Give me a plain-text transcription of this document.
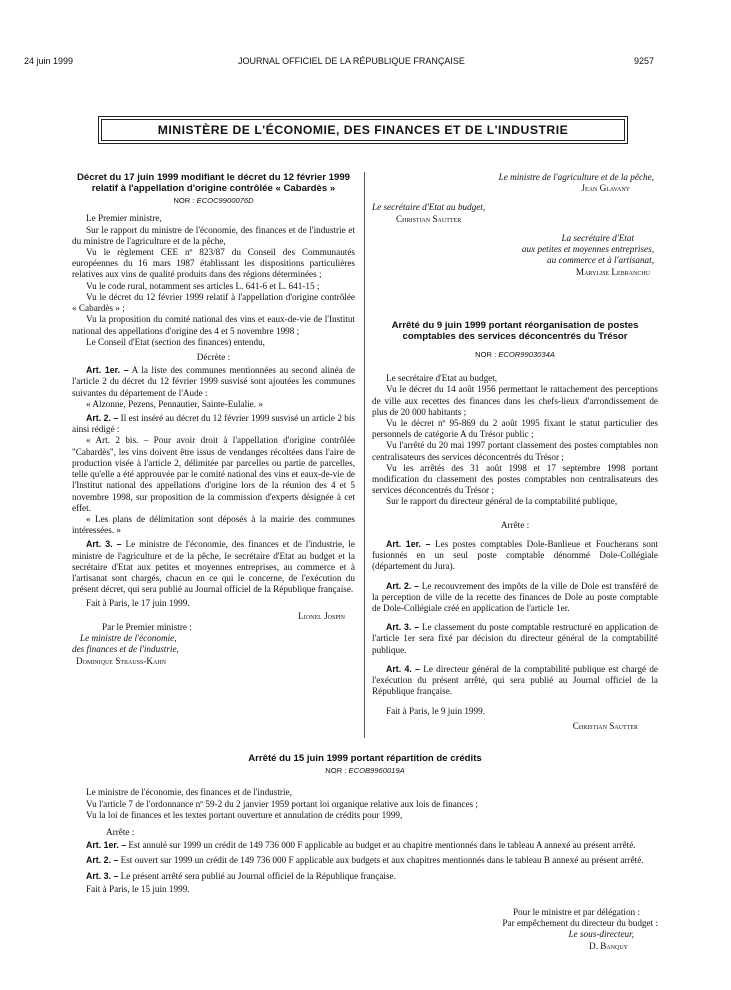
24 juin 1999	JOURNAL OFFICIEL DE LA RÉPUBLIQUE FRANÇAISE	9257
MINISTÈRE DE L'ÉCONOMIE, DES FINANCES ET DE L'INDUSTRIE
Décret du 17 juin 1999 modifiant le décret du 12 février 1999 relatif à l'appellation d'origine contrôlée « Cabardès »
NOR : ECOC9900076D

Le Premier ministre,

Sur le rapport du ministre de l'économie, des finances et de l'industrie et du ministre de l'agriculture et de la pêche,

Vu le règlement CEE nº 823/87 du Conseil des Communautés européennes du 16 mars 1987 établissant les dispositions particulières relatives aux vins de qualité produits dans des régions déterminées ;

Vu le code rural, notamment ses articles L. 641-6 et L. 641-15 ;

Vu le décret du 12 février 1999 relatif à l'appellation d'origine contrôlée « Cabardès » ;

Vu la proposition du comité national des vins et eaux-de-vie de l'Institut national des appellations d'origine des 4 et 5 novembre 1998 ;

Le Conseil d'Etat (section des finances) entendu,

Décrète :

Art. 1er. – A la liste des communes mentionnées au second alinéa de l'article 2 du décret du 12 février 1999 susvisé sont ajoutées les communes suivantes du département de l'Aude :

« Alzonne, Pezens, Pennautier, Sainte-Eulalie. »

Art. 2. – Il est inséré au décret du 12 février 1999 susvisé un article 2 bis ainsi rédigé :

« Art. 2 bis. – Pour avoir droit à l'appellation d'origine contrôlée "Cabardès", les vins doivent être issus de vendanges récoltées dans l'aire de production visée à l'article 2, délimitée par parcelles ou partie de parcelles, telle qu'elle a été approuvée par le comité national des vins et eaux-de-vie de l'Institut national des appellations d'origine lors de la réunion des 4 et 5 novembre 1998, sur proposition de la commission d'experts désignée à cet effet.

« Les plans de délimitation sont déposés à la mairie des communes intéressées. »

Art. 3. – Le ministre de l'économie, des finances et de l'industrie, le ministre de l'agriculture et de la pêche, le secrétaire d'Etat au budget et la secrétaire d'Etat aux petites et moyennes entreprises, au commerce et à l'artisanat sont chargés, chacun en ce qui le concerne, de l'exécution du présent décret, qui sera publié au Journal officiel de la République française.

Fait à Paris, le 17 juin 1999.

Lionel Jospin

Par le Premier ministre :

Le ministre de l'économie,

des finances et de l'industrie,

Dominique Strauss-Kahn

Le ministre de l'agriculture et de la pêche,

Jean Glavany

Le secrétaire d'Etat au budget,

Christian Sautter

La secrétaire d'Etat

aux petites et moyennes entreprises,

au commerce et à l'artisanat,

Marylise Lebranchu

Arrêté du 9 juin 1999 portant réorganisation de postes comptables des services déconcentrés du Trésor
NOR : ECOR9903034A

Le secrétaire d'Etat au budget,

Vu le décret du 14 août 1956 permettant le rattachement des perceptions de ville aux recettes des finances dans les chefs-lieux d'arrondissement de plus de 20 000 habitants ;

Vu le décret nº 95-869 du 2 août 1995 fixant le statut particulier des personnels de catégorie A du Trésor public ;

Vu l'arrêté du 20 mai 1997 portant classement des postes comptables non centralisateurs des services déconcentrés du Trésor ;

Vu les arrêtés des 31 août 1998 et 17 septembre 1998 portant modification du classement des postes comptables non centralisateurs des services déconcentrés du Trésor ;

Sur le rapport du directeur général de la comptabilité publique,

Arrête :

Art. 1er. – Les postes comptables Dole-Banlieue et Foucherans sont fusionnés en un seul poste comptable dénommé Dole-Collégiale (département du Jura).

Art. 2. – Le recouvrement des impôts de la ville de Dole est transféré de la perception de ville de la recette des finances de Dole au poste comptable de Dole-Collégiale créé en application de l'article 1er.

Art. 3. – Le classement du poste comptable restructuré en application de l'article 1er sera fixé par décision du directeur général de la comptabilité publique.

Art. 4. – Le directeur général de la comptabilité publique est chargé de l'exécution du présent arrêté, qui sera publié au Journal officiel de la République française.

Fait à Paris, le 9 juin 1999.

Christian Sautter

Arrêté du 15 juin 1999 portant répartition de crédits
NOR : ECOB9960019A

Le ministre de l'économie, des finances et de l'industrie,

Vu l'article 7 de l'ordonnance nº 59-2 du 2 janvier 1959 portant loi organique relative aux lois de finances ;

Vu la loi de finances et les textes portant ouverture et annulation de crédits pour 1999,

Arrête :

Art. 1er. – Est annulé sur 1999 un crédit de 149 736 000 F applicable au budget et au chapitre mentionnés dans le tableau A annexé au présent arrêté.

Art. 2. – Est ouvert sur 1999 un crédit de 149 736 000 F applicable aux budgets et aux chapitres mentionnés dans le tableau B annexé au présent arrêté.

Art. 3. – Le présent arrêté sera publié au Journal officiel de la République française.

Fait à Paris, le 15 juin 1999.

Pour le ministre et par délégation :

Par empêchement du directeur du budget :

Le sous-directeur,

D. Banquy
